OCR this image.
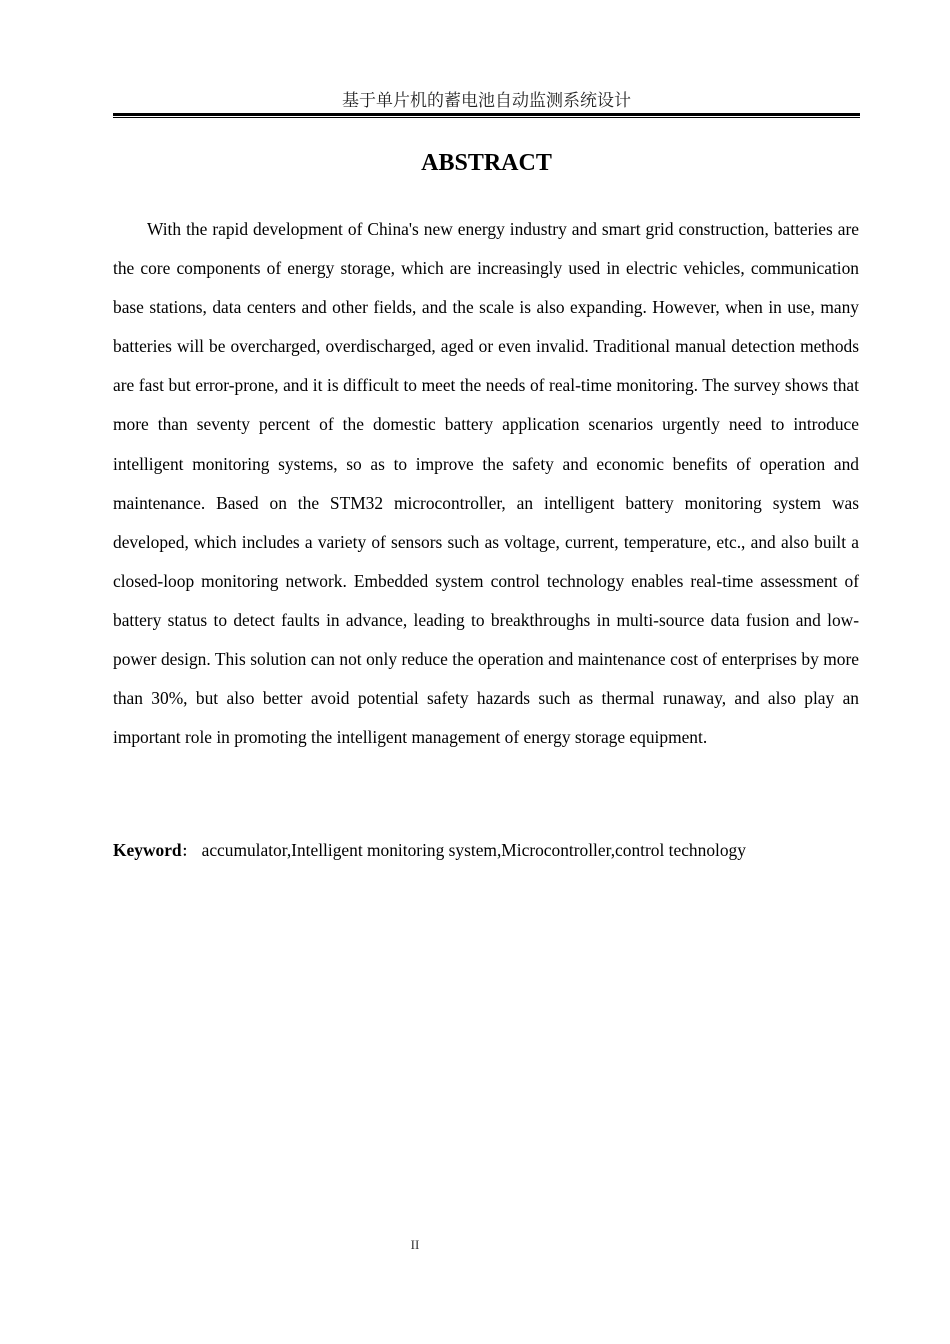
基于单片机的蓄电池自动监测系统设计
ABSTRACT

With the rapid development of China's new energy industry and smart grid construction, batteries are the core components of energy storage, which are increasingly used in electric vehicles, communication base stations, data centers and other fields, and the scale is also expanding. However, when in use, many batteries will be overcharged, overdischarged, aged or even invalid. Traditional manual detection methods are fast but error-prone, and it is difficult to meet the needs of real-time monitoring. The survey shows that more than seventy percent of the domestic battery application scenarios urgently need to introduce intelligent monitoring systems, so as to improve the safety and economic benefits of operation and maintenance. Based on the STM32 microcontroller, an intelligent battery monitoring system was developed, which includes a variety of sensors such as voltage, current, temperature, etc., and also built a closed-loop monitoring network. Embedded system control technology enables real-time assessment of battery status to detect faults in advance, leading to breakthroughs in multi-source data fusion and low-power design. This solution can not only reduce the operation and maintenance cost of enterprises by more than 30%, but also better avoid potential safety hazards such as thermal runaway, and also play an important role in promoting the intelligent management of energy storage equipment.

Keyword： accumulator,Intelligent monitoring system,Microcontroller,control technology
II
